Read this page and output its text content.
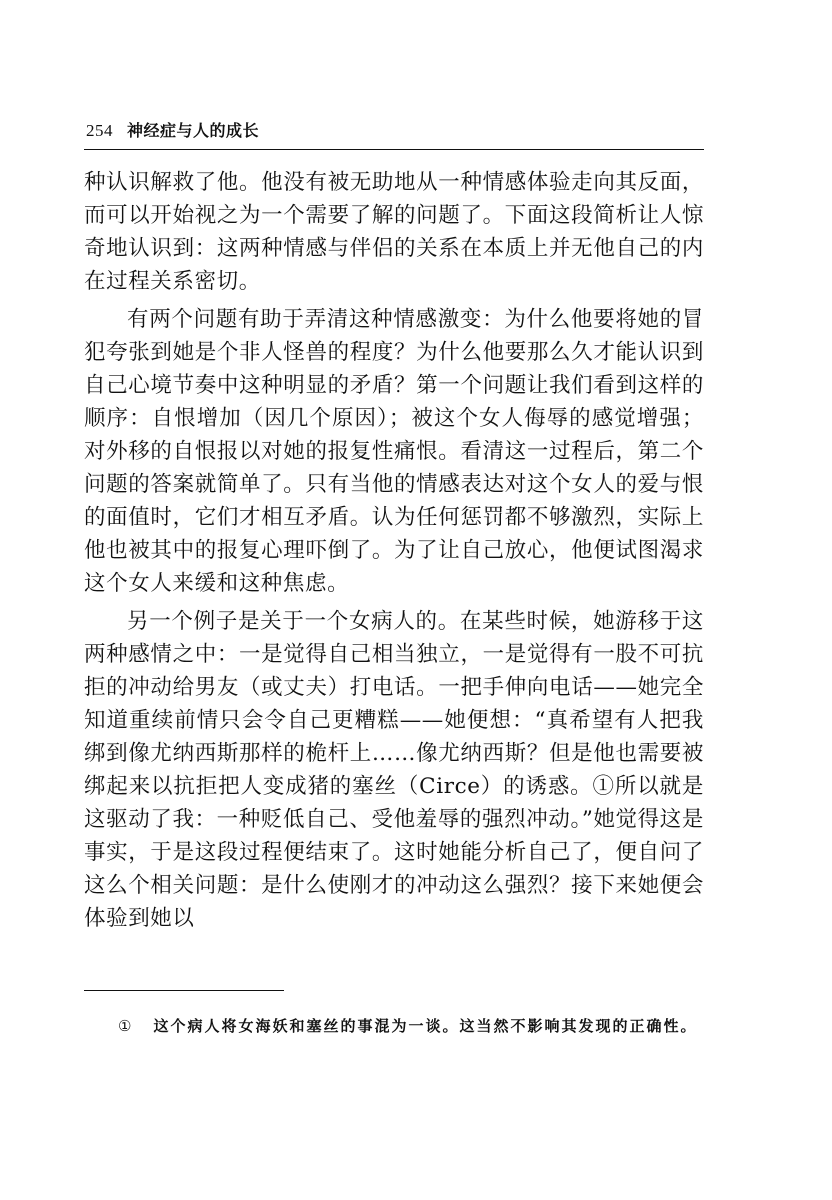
254 神经症与人的成长

种认识解救了他。他没有被无助地从一种情感体验走向其反面，而可以开始视之为一个需要了解的问题了。下面这段简析让人惊奇地认识到：这两种情感与伴侣的关系在本质上并无他自己的内在过程关系密切。

有两个问题有助于弄清这种情感激变：为什么他要将她的冒犯夸张到她是个非人怪兽的程度？为什么他要那么久才能认识到自己心境节奏中这种明显的矛盾？第一个问题让我们看到这样的顺序：自恨增加（因几个原因）；被这个女人侮辱的感觉增强；对外移的自恨报以对她的报复性痛恨。看清这一过程后，第二个问题的答案就简单了。只有当他的情感表达对这个女人的爱与恨的面值时，它们才相互矛盾。认为任何惩罚都不够激烈，实际上他也被其中的报复心理吓倒了。为了让自己放心，他便试图渴求这个女人来缓和这种焦虑。

另一个例子是关于一个女病人的。在某些时候，她游移于这两种感情之中：一是觉得自己相当独立，一是觉得有一股不可抗拒的冲动给男友（或丈夫）打电话。一把手伸向电话——她完全知道重续前情只会令自己更糟糕——她便想：“真希望有人把我绑到像尤纳西斯那样的桅杆上……像尤纳西斯？但是他也需要被绑起来以抗拒把人变成猪的塞丝（Circe）的诱惑。①所以就是这驱动了我：一种贬低自己、受他羞辱的强烈冲动。”她觉得这是事实，于是这段过程便结束了。这时她能分析自己了，便自问了这么个相关问题：是什么使刚才的冲动这么强烈？接下来她便会体验到她以

① 这个病人将女海妖和塞丝的事混为一谈。这当然不影响其发现的正确性。
